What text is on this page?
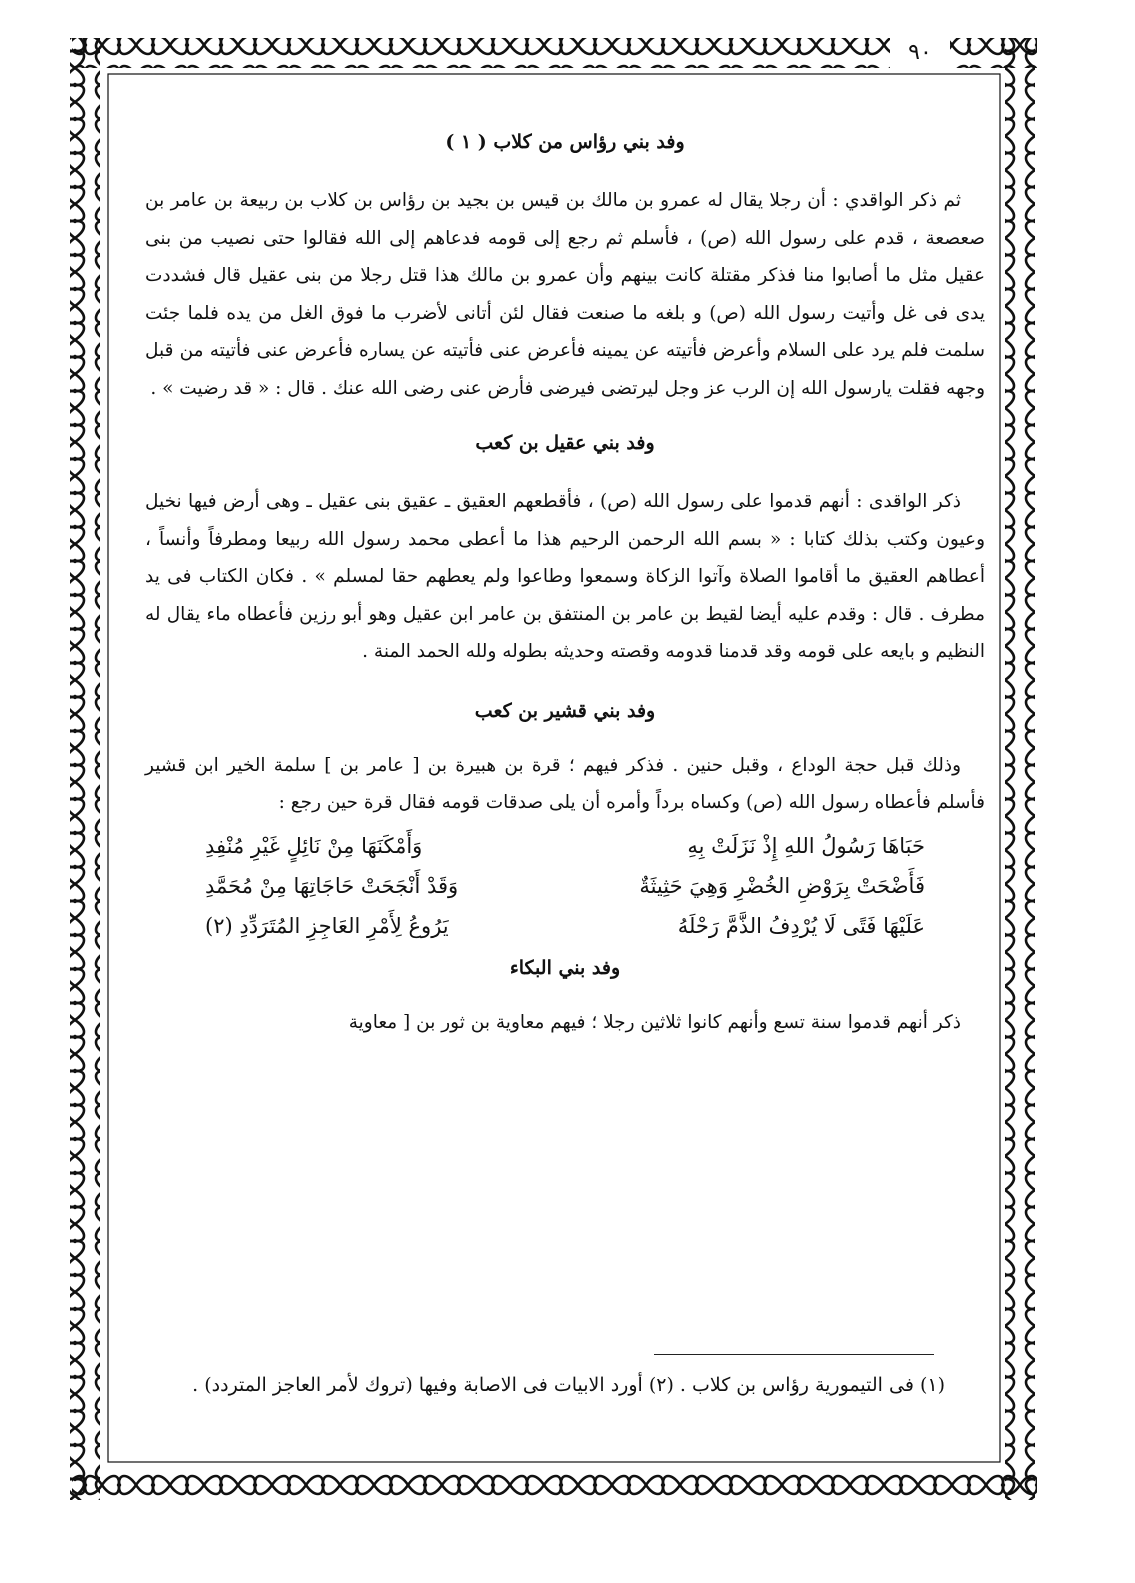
٩٠
وفد بني رؤاس من كلاب ( ١ )

ثم ذكر الواقدي : أن رجلا يقال له عمرو بن مالك بن قيس بن بجيد بن رؤاس بن كلاب بن ربيعة بن عامر بن صعصعة ، قدم على رسول الله (ص) ، فأسلم ثم رجع إلى قومه فدعاهم إلى الله فقالوا حتى نصيب من بنى عقيل مثل ما أصابوا منا فذكر مقتلة كانت بينهم وأن عمرو بن مالك هذا قتل رجلا من بنى عقيل قال فشددت يدى فى غل وأتيت رسول الله (ص) و بلغه ما صنعت فقال لئن أتانى لأضرب ما فوق الغل من يده فلما جئت سلمت فلم يرد على السلام وأعرض فأتيته عن يمينه فأعرض عنى فأتيته عن يساره فأعرض عنى فأتيته من قبل وجهه فقلت يارسول الله إن الرب عز وجل ليرتضى فيرضى فأرض عنى رضى الله عنك . قال : « قد رضيت » .

وفد بني عقيل بن كعب

ذكر الواقدى : أنهم قدموا على رسول الله (ص) ، فأقطعهم العقيق ـ عقيق بنى عقيل ـ وهى أرض فيها نخيل وعيون وكتب بذلك كتابا : « بسم الله الرحمن الرحيم هذا ما أعطى محمد رسول الله ربيعا ومطرفاً وأنساً ، أعطاهم العقيق ما أقاموا الصلاة وآتوا الزكاة وسمعوا وطاعوا ولم يعطهم حقا لمسلم » . فكان الكتاب فى يد مطرف . قال : وقدم عليه أيضا لقيط بن عامر بن المنتفق بن عامر ابن عقيل وهو أبو رزين فأعطاه ماء يقال له النظيم و بايعه على قومه وقد قدمنا قدومه وقصته وحديثه بطوله ولله الحمد المنة .

وفد بني قشير بن كعب

وذلك قبل حجة الوداع ، وقبل حنين . فذكر فيهم ؛ قرة بن هبيرة بن [ عامر بن ] سلمة الخير ابن قشير فأسلم فأعطاه رسول الله (ص) وكساه برداً وأمره أن يلى صدقات قومه فقال قرة حين رجع :

حَبَاهَا رَسُولُ اللهِ إِذْ نَزَلَتْ بِهِ
وَأَمْكَنَهَا مِنْ نَائِلٍ غَيْرِ مُنْفِدِ
فَأَضْحَتْ بِرَوْضِ الخُضْرِ وَهِيَ حَثِيثَةٌ
وَقَدْ أَنْجَحَتْ حَاجَاتِهَا مِنْ مُحَمَّدِ
عَلَيْهَا فَتًى لَا يُرْدِفُ الذَّمَّ رَحْلَهُ
يَرُوعُ لِأَمْرِ العَاجِزِ المُتَرَدِّدِ (٢)
وفد بني البكاء

ذكر أنهم قدموا سنة تسع وأنهم كانوا ثلاثين رجلا ؛ فيهم معاوية بن ثور بن [ معاوية

(١) فى التيمورية رؤاس بن كلاب . (٢) أورد الابيات فى الاصابة وفيها (تروك لأمر العاجز المتردد) .
